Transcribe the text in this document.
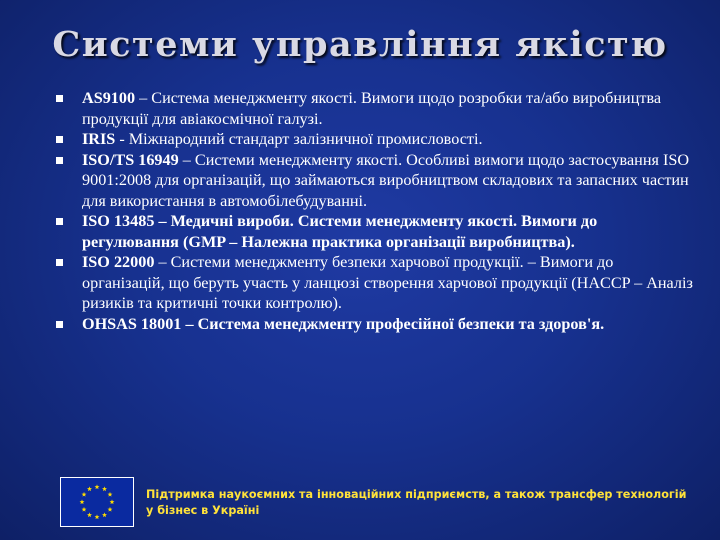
Системи управління якістю
AS9100 – Система менеджменту якості. Вимоги щодо розробки та/або виробництва продукції для авіакосмічної галузі.
IRIS - Міжнародний стандарт залізничної промисловості.
ISO/TS 16949 – Системи менеджменту якості. Особливі вимоги щодо застосування ISO 9001:2008 для організацій, що займаються виробництвом складових та запасних частин для використання в автомобілебудуванні.
ISO 13485 – Медичні вироби. Системи менеджменту якості. Вимоги до регулювання (GMP – Належна практика організації виробництва).
ISO 22000 – Системи менеджменту безпеки харчової продукції. – Вимоги до організацій, що беруть участь у ланцюзі створення харчової продукції (HACCP – Аналіз ризиків та критичні точки контролю).
OHSAS 18001 – Система менеджменту професійної безпеки та здоров'я.
Підтримка наукоємних та інноваційних підприємств, а також трансфер технологій у бізнес в Україні
